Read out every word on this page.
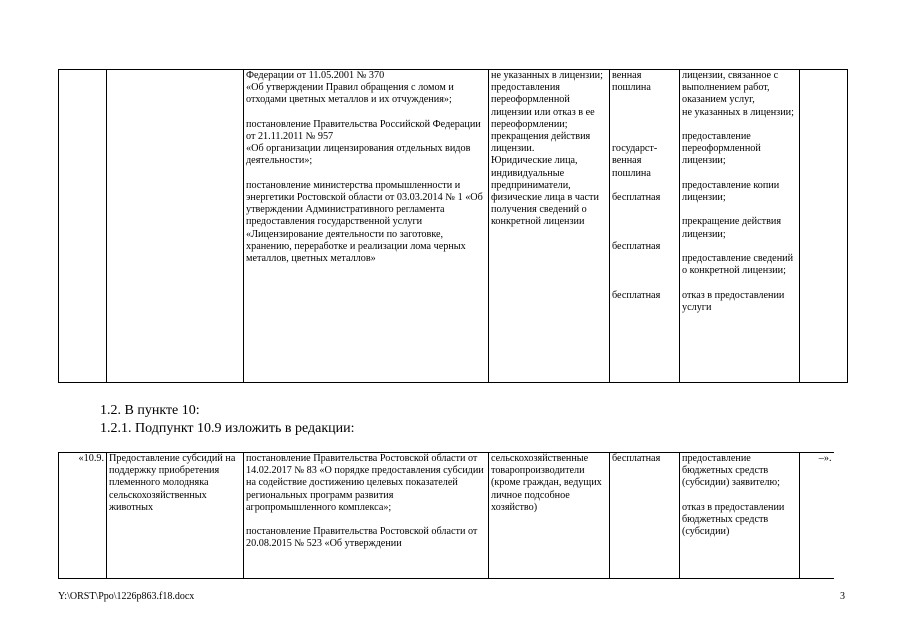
		Федерации от 11.05.2001 № 370
«Об утверждении Правил обращения с ломом и отходами цветных металлов и их отчуждения»;

постановление Правительства Российской Федерации от 21.11.2011 № 957
«Об организации лицензирования отдельных видов деятельности»;

постановление министерства промышленности и энергетики Ростовской области от 03.03.2014 № 1 «Об утверждении Административного регламента предоставления государственной услуги «Лицензирование деятельности по заготовке, хранению, переработке и реализации лома черных металлов, цветных металлов»	не указанных в лицензии;
предоставления переоформленной лицензии или отказ в ее переоформлении;
прекращения действия лицензии.
Юридические лица, индивидуальные предприниматели, физические лица в части получения сведений о конкретной лицензии	венная
пошлина

государст-
венная
пошлина

бесплатная

бесплатная

бесплатная	лицензии, связанное с выполнением работ, оказанием услуг,
не указанных в лицензии;

предоставление переоформленной лицензии;

предоставление копии лицензии;

прекращение действия лицензии;

предоставление сведений о конкретной лицензии;

отказ в предоставлении услуги	
1.2. В пункте 10:
1.2.1. Подпункт 10.9 изложить в редакции:
«10.9.	Предоставление субсидий на поддержку приобретения племенного молодняка сельскохозяйственных животных	постановление Правительства Ростовской области от 14.02.2017 № 83 «О порядке предоставления субсидии на содействие достижению целевых показателей региональных программ развития агропромышленного комплекса»;

постановление Правительства Ростовской области от 20.08.2015 № 523 «Об утверждении	сельскохозяйственные товаропроизводители (кроме граждан, ведущих личное подсобное хозяйство)	бесплатная	предоставление бюджетных средств (субсидии) заявителю;

отказ в предоставлении бюджетных средств (субсидии)	–».	
Y:\ORST\Ppo\1226p863.f18.docx	3
